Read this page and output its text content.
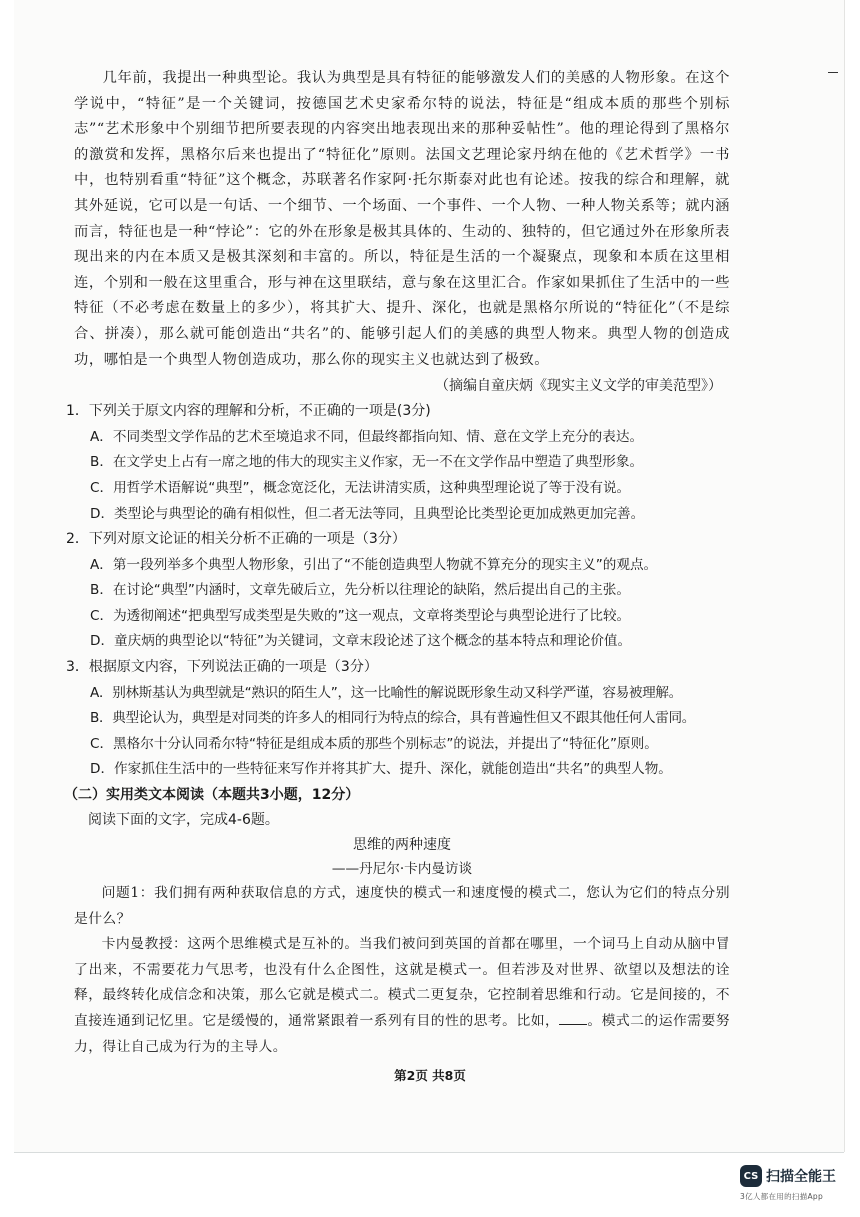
几年前，我提出一种典型论。我认为典型是具有特征的能够激发人们的美感的人物形象。在这个学说中，“特征”是一个关键词，按德国艺术史家希尔特的说法，特征是“组成本质的那些个别标志”“艺术形象中个别细节把所要表现的内容突出地表现出来的那种妥帖性”。他的理论得到了黑格尔的激赏和发挥，黑格尔后来也提出了“特征化”原则。法国文艺理论家丹纳在他的《艺术哲学》一书中，也特别看重“特征”这个概念，苏联著名作家阿·托尔斯泰对此也有论述。按我的综合和理解，就其外延说，它可以是一句话、一个细节、一个场面、一个事件、一个人物、一种人物关系等；就内涵而言，特征也是一种“悖论”：它的外在形象是极其具体的、生动的、独特的，但它通过外在形象所表现出来的内在本质又是极其深刻和丰富的。所以，特征是生活的一个凝聚点，现象和本质在这里相连，个别和一般在这里重合，形与神在这里联结，意与象在这里汇合。作家如果抓住了生活中的一些特征（不必考虑在数量上的多少），将其扩大、提升、深化，也就是黑格尔所说的“特征化”（不是综合、拼凑），那么就可能创造出“共名”的、能够引起人们的美感的典型人物来。典型人物的创造成功，哪怕是一个典型人物创造成功，那么你的现实主义也就达到了极致。

（摘编自童庆炳《现实主义文学的审美范型》）

1．下列关于原文内容的理解和分析，不正确的一项是(3分)

A．不同类型文学作品的艺术至境追求不同，但最终都指向知、情、意在文学上充分的表达。

B．在文学史上占有一席之地的伟大的现实主义作家，无一不在文学作品中塑造了典型形象。

C．用哲学术语解说“典型”，概念宽泛化，无法讲清实质，这种典型理论说了等于没有说。

D．类型论与典型论的确有相似性，但二者无法等同，且典型论比类型论更加成熟更加完善。

2．下列对原文论证的相关分析不正确的一项是（3分）

A．第一段列举多个典型人物形象，引出了“不能创造典型人物就不算充分的现实主义”的观点。

B．在讨论“典型”内涵时，文章先破后立，先分析以往理论的缺陷，然后提出自己的主张。

C．为透彻阐述“把典型写成类型是失败的”这一观点，文章将类型论与典型论进行了比较。

D．童庆炳的典型论以“特征”为关键词，文章末段论述了这个概念的基本特点和理论价值。

3．根据原文内容，下列说法正确的一项是（3分）

A．别林斯基认为典型就是“熟识的陌生人”，这一比喻性的解说既形象生动又科学严谨，容易被理解。

B．典型论认为，典型是对同类的许多人的相同行为特点的综合，具有普遍性但又不跟其他任何人雷同。

C．黑格尔十分认同希尔特“特征是组成本质的那些个别标志”的说法，并提出了“特征化”原则。

D．作家抓住生活中的一些特征来写作并将其扩大、提升、深化，就能创造出“共名”的典型人物。

（二）实用类文本阅读（本题共3小题，12分）

阅读下面的文字，完成4-6题。

思维的两种速度

——丹尼尔·卡内曼访谈

问题1：我们拥有两种获取信息的方式，速度快的模式一和速度慢的模式二，您认为它们的特点分别是什么？

卡内曼教授：这两个思维模式是互补的。当我们被问到英国的首都在哪里，一个词马上自动从脑中冒了出来，不需要花力气思考，也没有什么企图性，这就是模式一。但若涉及对世界、欲望以及想法的诠释，最终转化成信念和决策，那么它就是模式二。模式二更复杂，它控制着思维和行动。它是间接的，不直接连通到记忆里。它是缓慢的，通常紧跟着一系列有目的性的思考。比如， 。模式二的运作需要努力，得让自己成为行为的主导人。

第2页 共8页
CS 扫描全能王
3亿人都在用的扫描App
